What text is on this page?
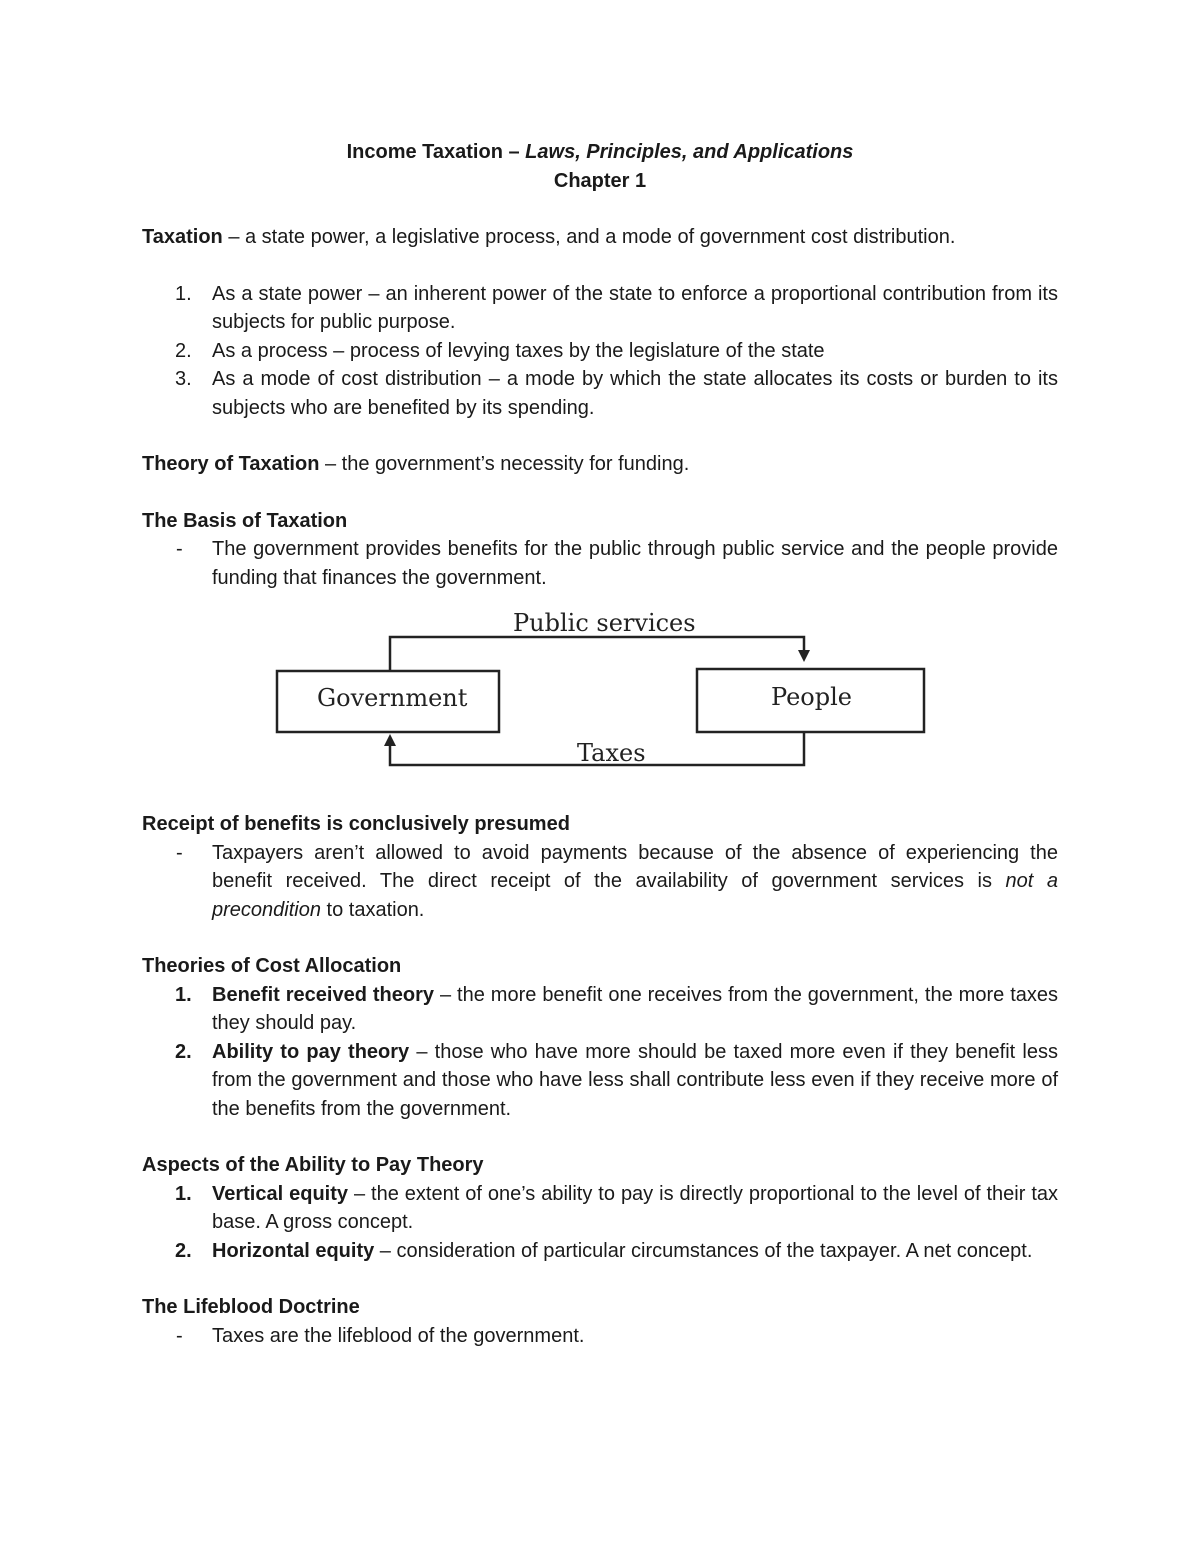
Income Taxation – Laws, Principles, and Applications

Chapter 1

Taxation – a state power, a legislative process, and a mode of government cost distribution.

1. As a state power – an inherent power of the state to enforce a proportional contribution from its subjects for public purpose.
2. As a process – process of levying taxes by the legislature of the state
3. As a mode of cost distribution – a mode by which the state allocates its costs or burden to its subjects who are benefited by its spending.

Theory of Taxation – the government’s necessity for funding.

The Basis of Taxation

- The government provides benefits for the public through public service and the people provide funding that finances the government.
Public services
Government	People
Taxes

Receipt of benefits is conclusively presumed

- Taxpayers aren’t allowed to avoid payments because of the absence of experiencing the benefit received. The direct receipt of the availability of government services is not a precondition to taxation.

Theories of Cost Allocation

1. Benefit received theory – the more benefit one receives from the government, the more taxes they should pay.
2. Ability to pay theory – those who have more should be taxed more even if they benefit less from the government and those who have less shall contribute less even if they receive more of the benefits from the government.

Aspects of the Ability to Pay Theory

1. Vertical equity – the extent of one’s ability to pay is directly proportional to the level of their tax base. A gross concept.
2. Horizontal equity – consideration of particular circumstances of the taxpayer. A net concept.

The Lifeblood Doctrine

- Taxes are the lifeblood of the government.
